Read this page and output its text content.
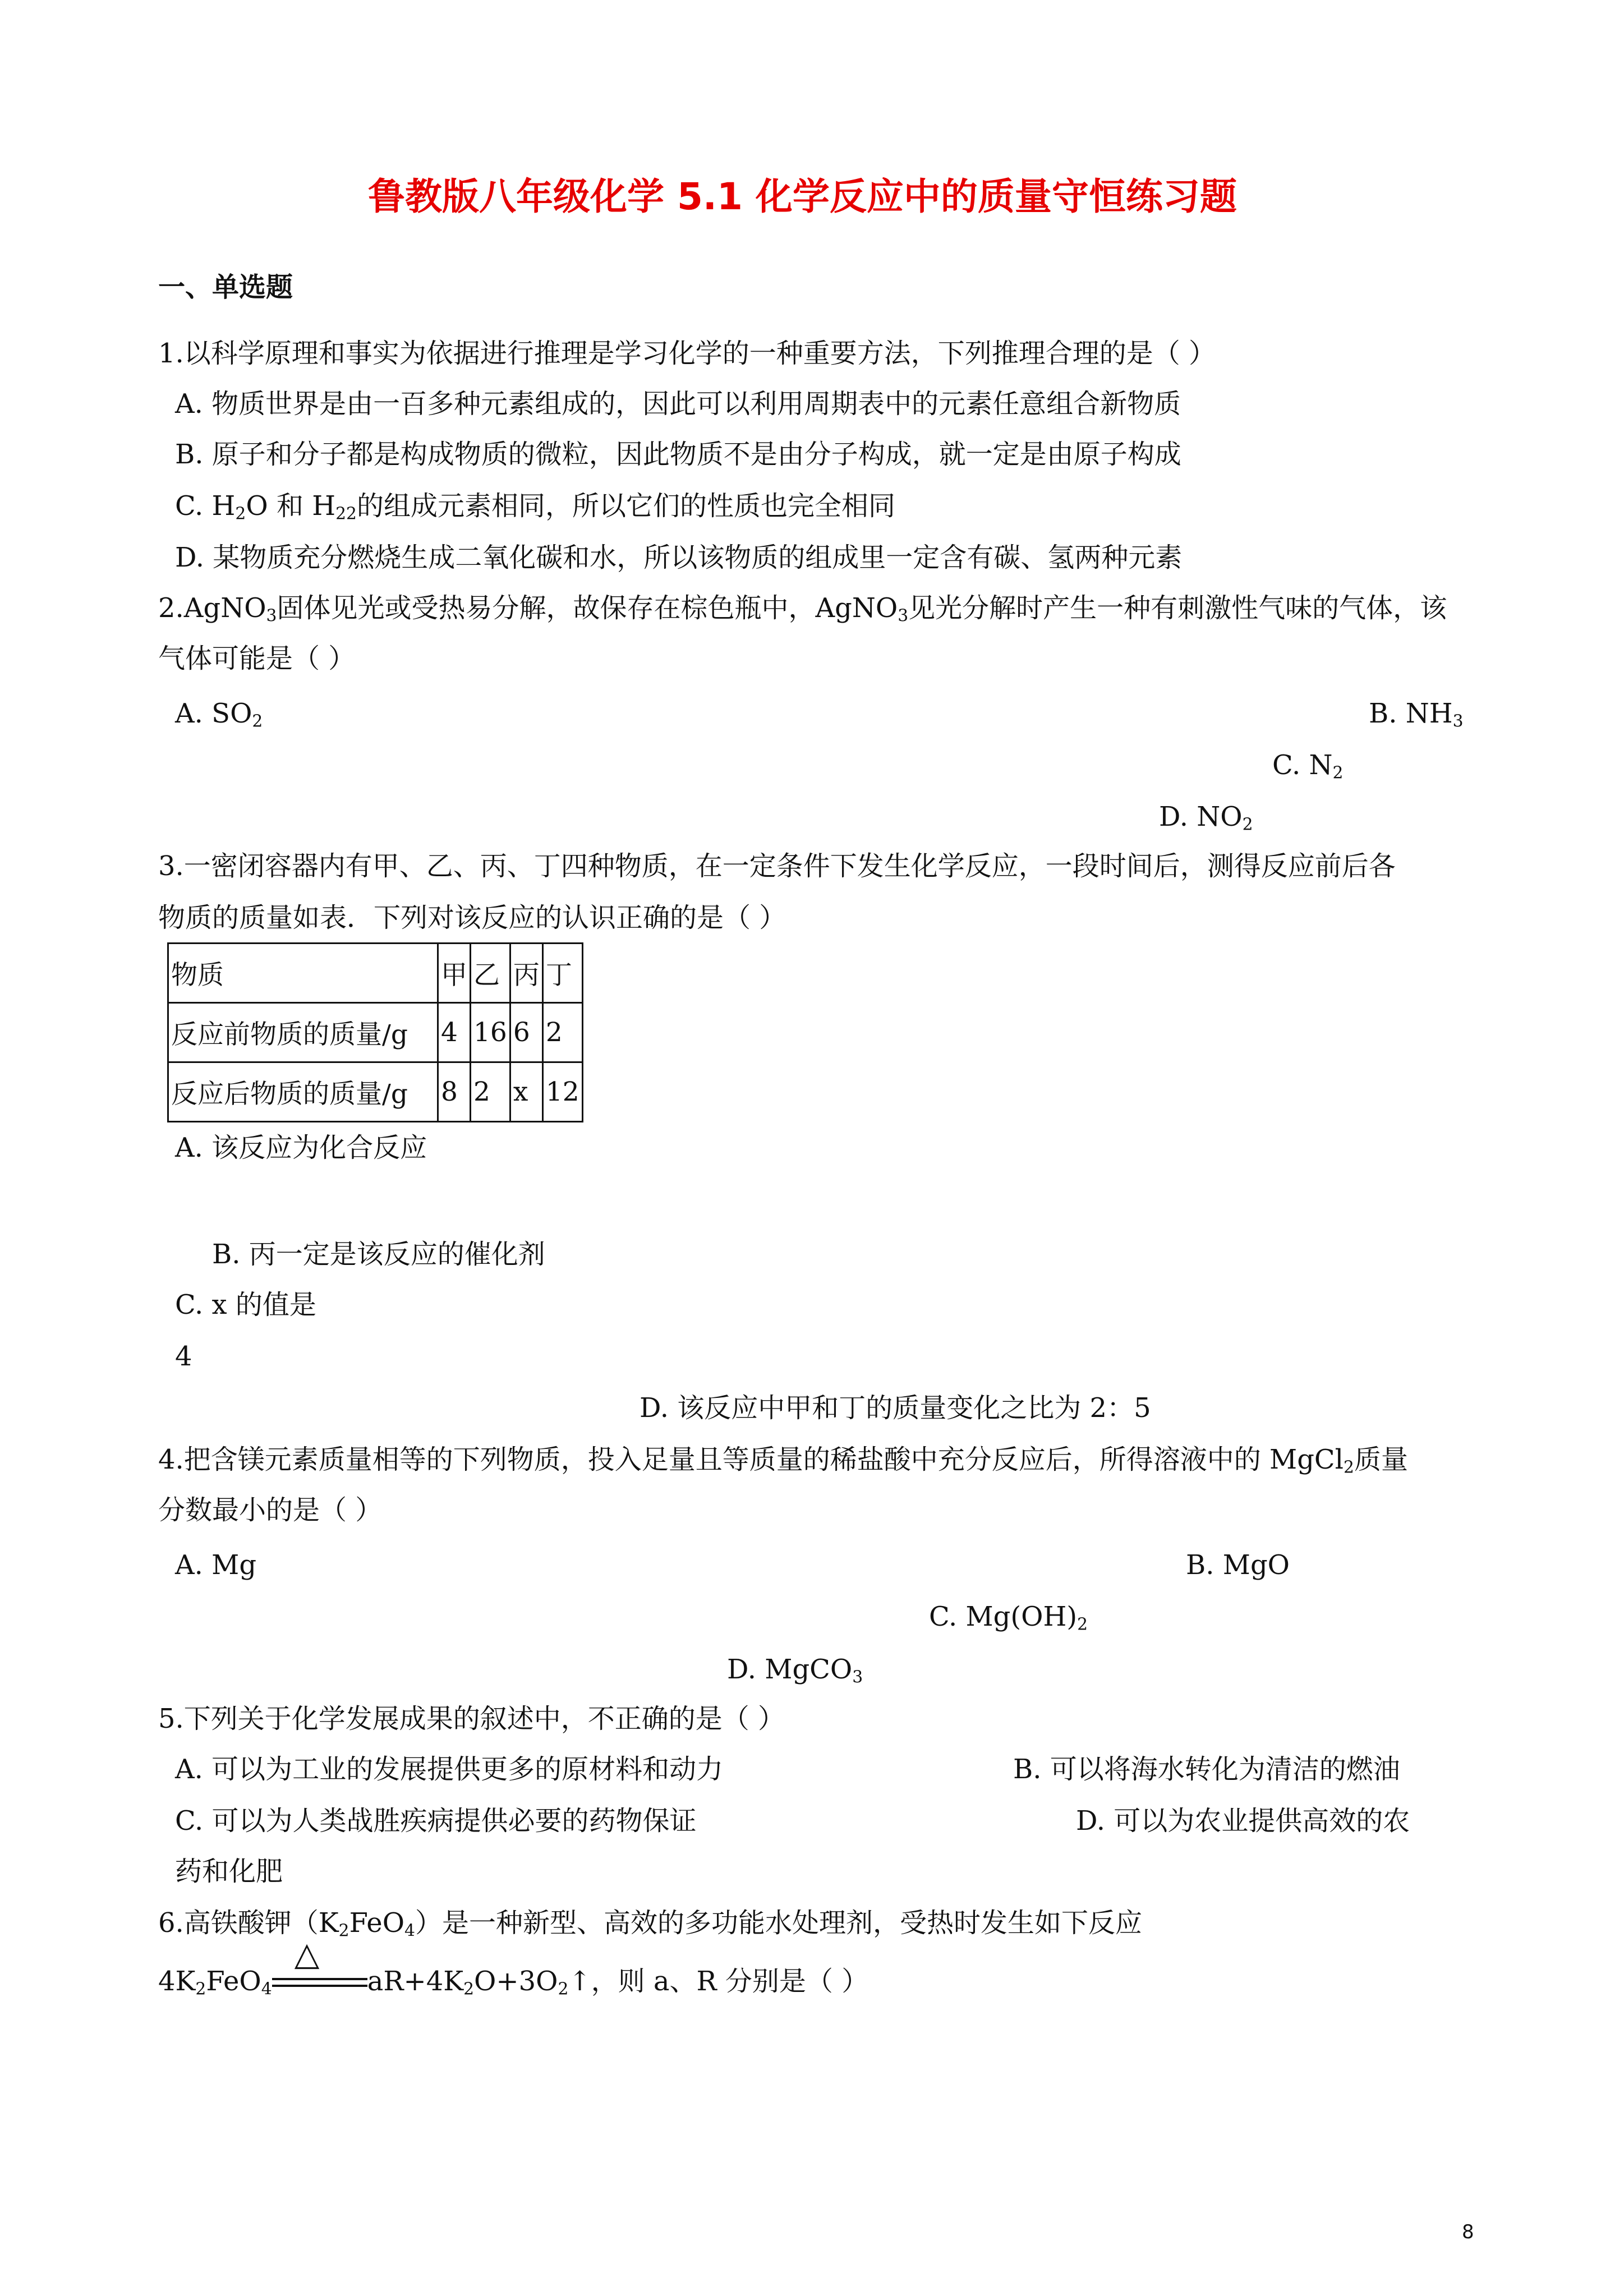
鲁教版八年级化学 5.1 化学反应中的质量守恒练习题
一、单选题
1.以科学原理和事实为依据进行推理是学习化学的一种重要方法，下列推理合理的是（ ）
A. 物质世界是由一百多种元素组成的，因此可以利用周期表中的元素任意组合新物质
B. 原子和分子都是构成物质的微粒，因此物质不是由分子构成，就一定是由原子构成
C. $H_2O$ 和 $H_22$的组成元素相同，所以它们的性质也完全相同
D. 某物质充分燃烧生成二氧化碳和水，所以该物质的组成里一定含有碳、氢两种元素
2.AgNO$_3$固体见光或受热易分解，故保存在棕色瓶中，AgNO$_3$见光分解时产生一种有刺激性气味的气体，该
气体可能是（ ）
A. $SO_2$	B. $NH_3$
C. $N_2$
D. $NO_2$
3.一密闭容器内有甲、乙、丙、丁四种物质，在一定条件下发生化学反应，一段时间后，测得反应前后各
物质的质量如表．下列对该反应的认识正确的是（ ）
物质	甲	乙	丙	丁
反应前物质的质量/g	4	16	6	2
反应后物质的质量/g	8	2	x	12
A. 该反应为化合反应
B. 丙一定是该反应的催化剂
C. x 的值是
4
D. 该反应中甲和丁的质量变化之比为 2：5
4.把含镁元素质量相等的下列物质，投入足量且等质量的稀盐酸中充分反应后，所得溶液中的 MgCl$_2$质量
分数最小的是（ ）
A. Mg	B. MgO
C. $Mg(OH)_2$
D. MgCO$_3$
5.下列关于化学发展成果的叙述中，不正确的是（ ）
A. 可以为工业的发展提供更多的原材料和动力	B. 可以将海水转化为清洁的燃油
C. 可以为人类战胜疾病提供必要的药物保证	D. 可以为农业提供高效的农
药和化肥
6.高铁酸钾$(K_2FeO_4)$是一种新型、高效的多功能水处理剂，受热时发生如下反应
$4K_2FeO_4$
△
$aR+4K_2O+3O_2↑$，则 a、R 分别是（ ）
8
